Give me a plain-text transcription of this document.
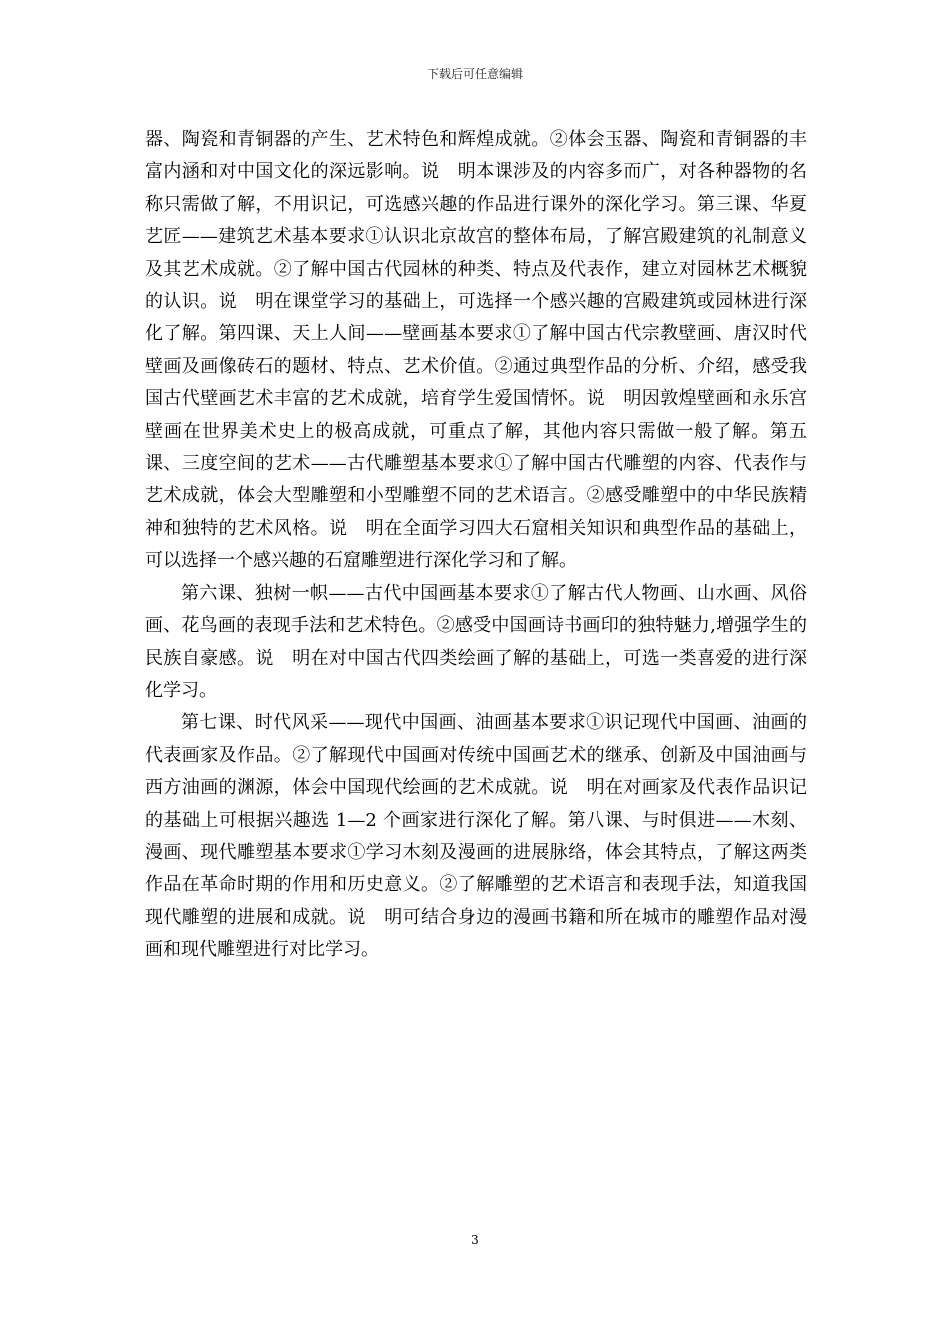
下载后可任意编辑

器、陶瓷和青铜器的产生、艺术特色和辉煌成就。②体会玉器、陶瓷和青铜器的丰富内涵和对中国文化的深远影响。说　明本课涉及的内容多而广，对各种器物的名称只需做了解，不用识记，可选感兴趣的作品进行课外的深化学习。第三课、华夏艺匠——建筑艺术基本要求①认识北京故宫的整体布局，了解宫殿建筑的礼制意义及其艺术成就。②了解中国古代园林的种类、特点及代表作，建立对园林艺术概貌的认识。说　明在课堂学习的基础上，可选择一个感兴趣的宫殿建筑或园林进行深化了解。第四课、天上人间——壁画基本要求①了解中国古代宗教壁画、唐汉时代壁画及画像砖石的题材、特点、艺术价值。②通过典型作品的分析、介绍，感受我国古代壁画艺术丰富的艺术成就，培育学生爱国情怀。说　明因敦煌壁画和永乐宫壁画在世界美术史上的极高成就，可重点了解，其他内容只需做一般了解。第五课、三度空间的艺术——古代雕塑基本要求①了解中国古代雕塑的内容、代表作与艺术成就，体会大型雕塑和小型雕塑不同的艺术语言。②感受雕塑中的中华民族精神和独特的艺术风格。说　明在全面学习四大石窟相关知识和典型作品的基础上，可以选择一个感兴趣的石窟雕塑进行深化学习和了解。

第六课、独树一帜——古代中国画基本要求①了解古代人物画、山水画、风俗画、花鸟画的表现手法和艺术特色。②感受中国画诗书画印的独特魅力,增强学生的民族自豪感。说　明在对中国古代四类绘画了解的基础上，可选一类喜爱的进行深化学习。

第七课、时代风采——现代中国画、油画基本要求①识记现代中国画、油画的代表画家及作品。②了解现代中国画对传统中国画艺术的继承、创新及中国油画与西方油画的渊源，体会中国现代绘画的艺术成就。说　明在对画家及代表作品识记的基础上可根据兴趣选 1—2 个画家进行深化了解。第八课、与时俱进——木刻、漫画、现代雕塑基本要求①学习木刻及漫画的进展脉络，体会其特点，了解这两类作品在革命时期的作用和历史意义。②了解雕塑的艺术语言和表现手法，知道我国现代雕塑的进展和成就。说　明可结合身边的漫画书籍和所在城市的雕塑作品对漫画和现代雕塑进行对比学习。

3
